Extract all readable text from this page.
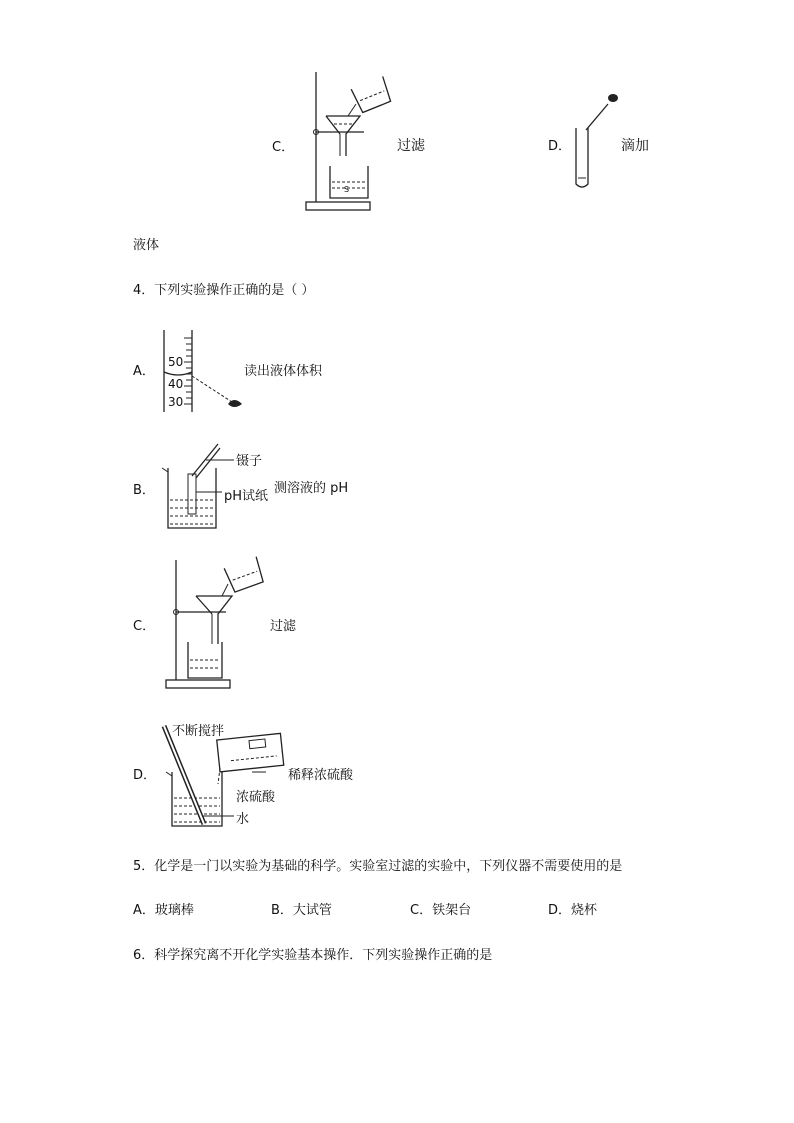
C．
S
过滤	D．	滴加
液体
4．下列实验操作正确的是（ ）
A．
50
40
30
读出液体体积
B．
镊子
pH试纸
测溶液的 pH
C．	过滤
D．
不断搅拌
稀释浓硫酸
浓硫酸
水
5．化学是一门以实验为基础的科学。实验室过滤的实验中，下列仪器不需要使用的是
A．玻璃棒	B．大试管	C．铁架台	D．烧杯
6．科学探究离不开化学实验基本操作．下列实验操作正确的是
